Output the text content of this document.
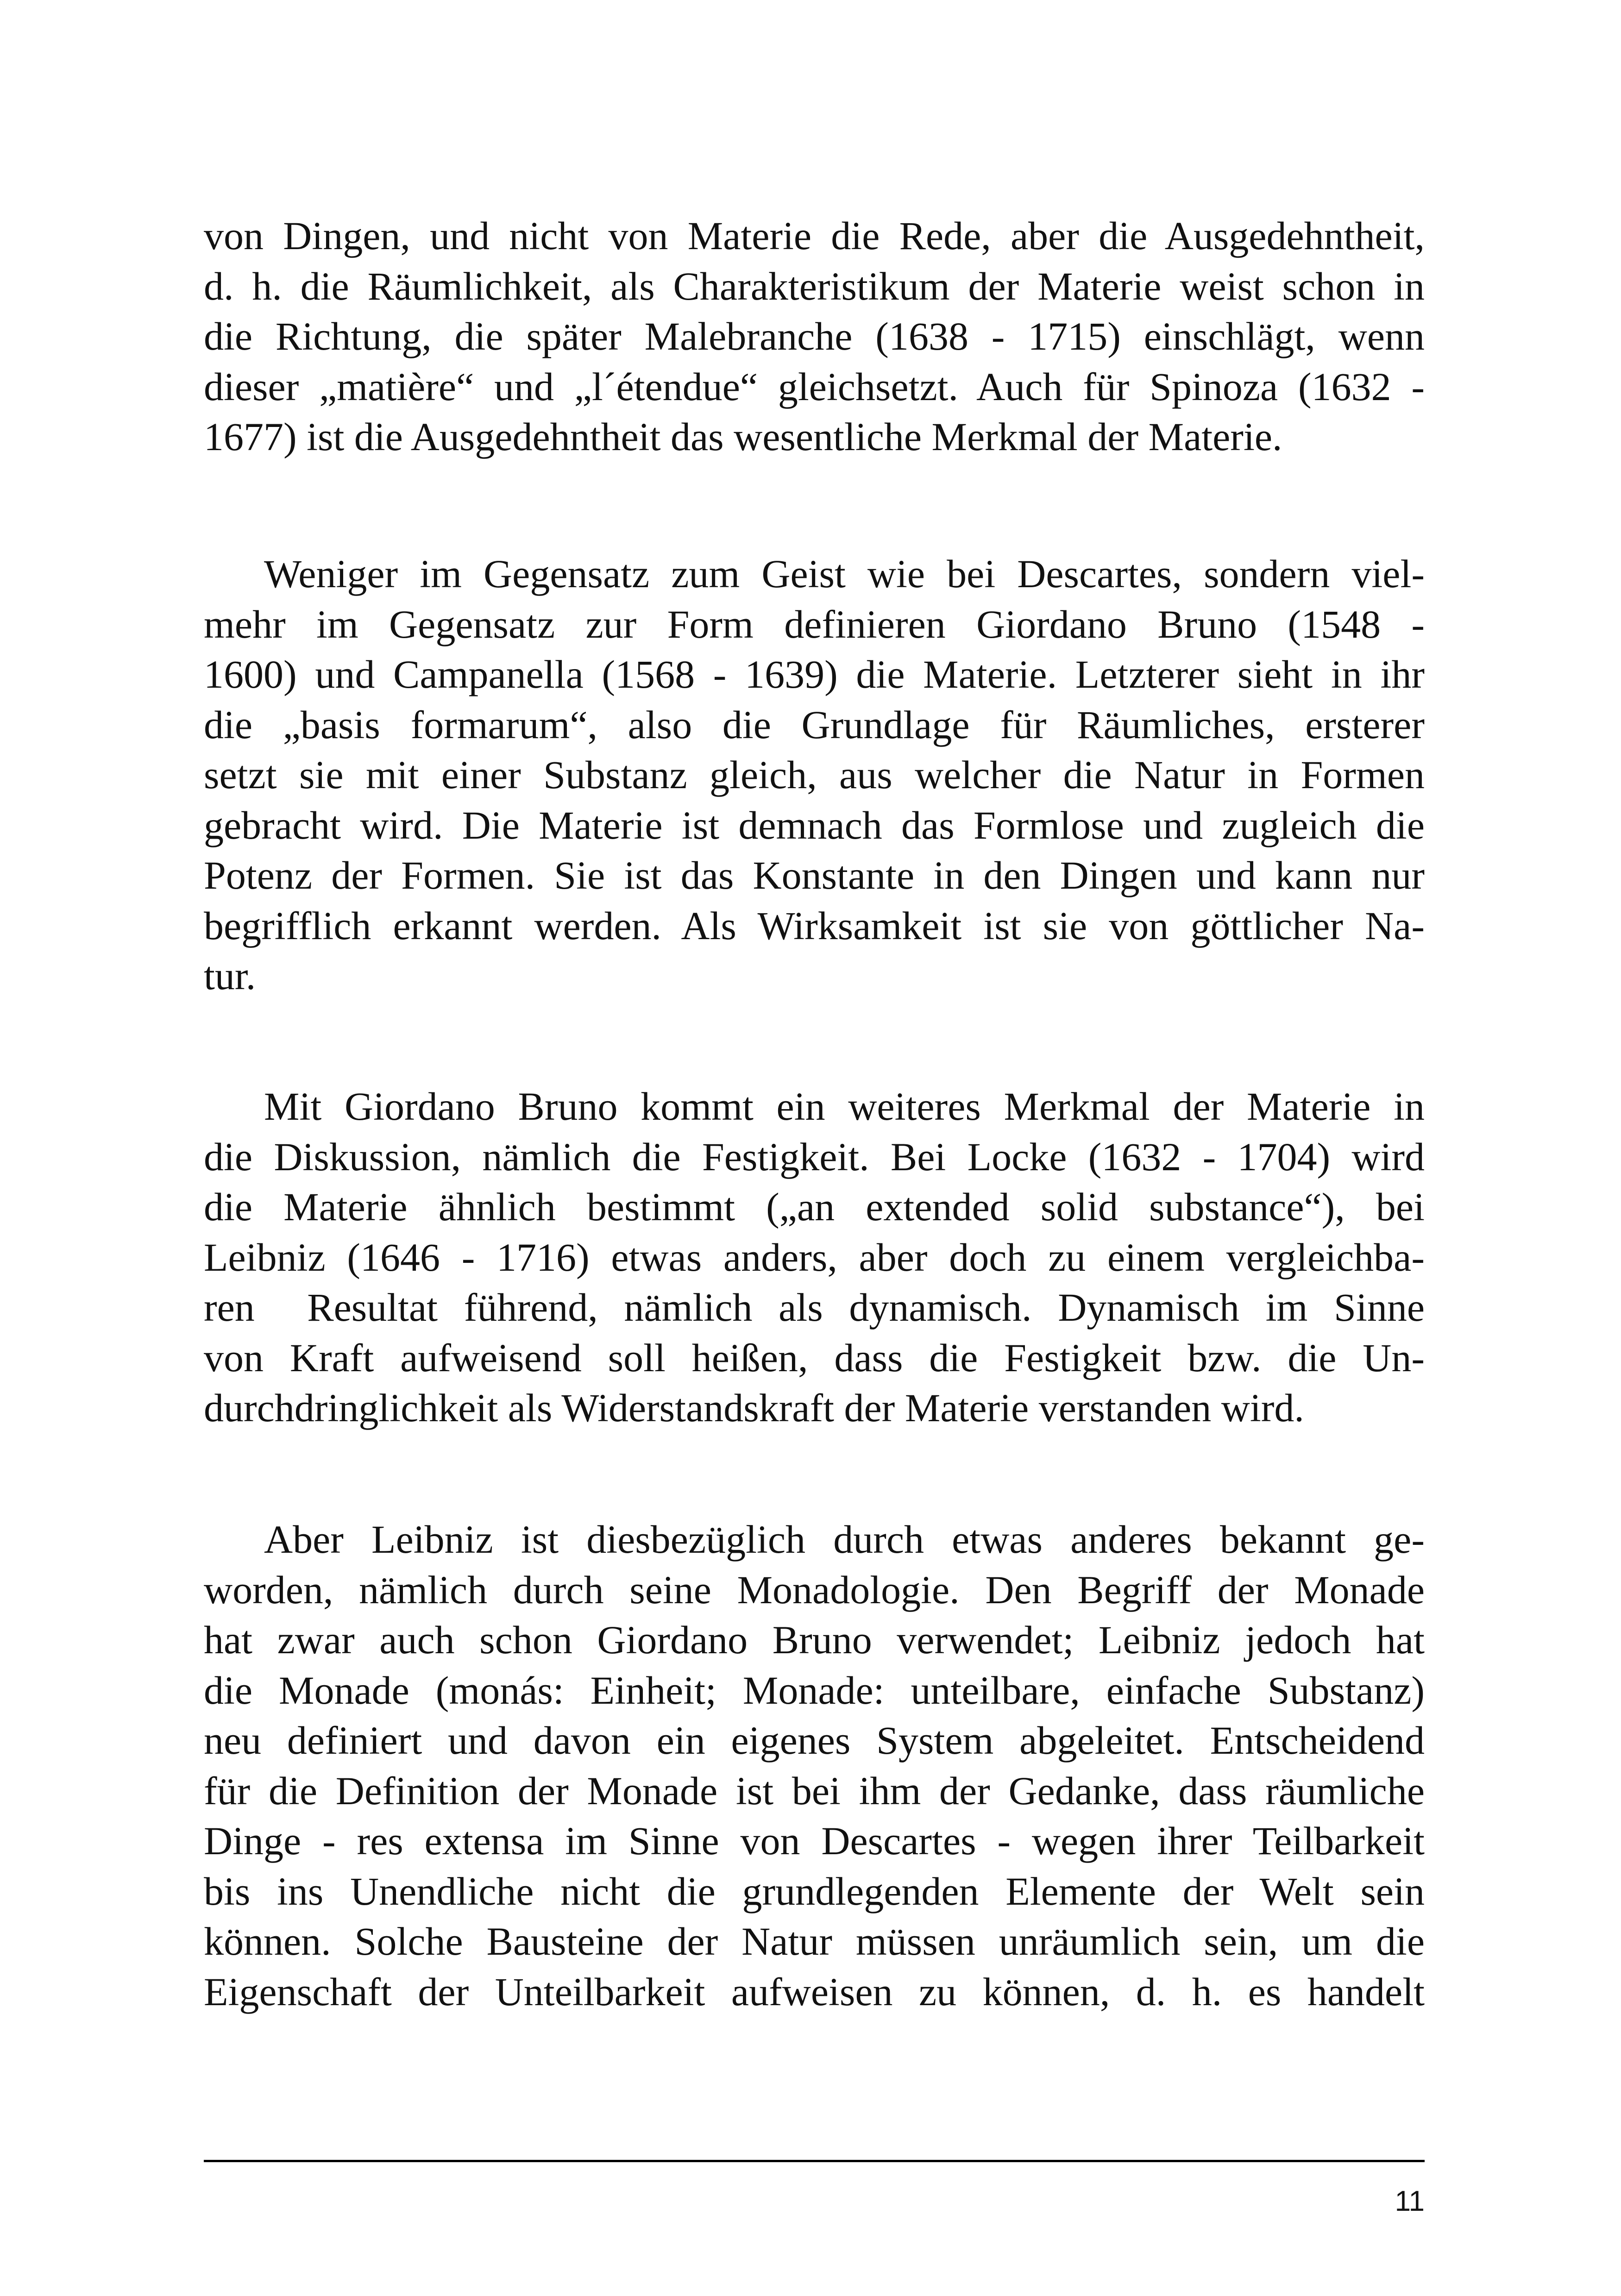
von Dingen, und nicht von Materie die Rede, aber die Ausgedehntheit,
d. h. die Räumlichkeit, als Charakteristikum der Materie weist schon in
die Richtung, die später Malebranche (1638 - 1715) einschlägt, wenn
dieser „matière“ und „l´étendue“ gleichsetzt. Auch für Spinoza (1632 -
1677) ist die Ausgedehntheit das wesentliche Merkmal der Materie.
Weniger im Gegensatz zum Geist wie bei Descartes, sondern viel-
mehr im Gegensatz zur Form definieren Giordano Bruno (1548 -
1600) und Campanella (1568 - 1639) die Materie. Letzterer sieht in ihr
die „basis formarum“, also die Grundlage für Räumliches, ersterer
setzt sie mit einer Substanz gleich, aus welcher die Natur in Formen
gebracht wird. Die Materie ist demnach das Formlose und zugleich die
Potenz der Formen. Sie ist das Konstante in den Dingen und kann nur
begrifflich erkannt werden. Als Wirksamkeit ist sie von göttlicher Na-
tur.
Mit Giordano Bruno kommt ein weiteres Merkmal der Materie in
die Diskussion, nämlich die Festigkeit. Bei Locke (1632 - 1704) wird
die Materie ähnlich bestimmt („an extended solid substance“), bei
Leibniz (1646 - 1716) etwas anders, aber doch zu einem vergleichba-
ren  Resultat führend, nämlich als dynamisch. Dynamisch im Sinne
von Kraft aufweisend soll heißen, dass die Festigkeit bzw. die Un-
durchdringlichkeit als Widerstandskraft der Materie verstanden wird.
Aber Leibniz ist diesbezüglich durch etwas anderes bekannt ge-
worden, nämlich durch seine Monadologie. Den Begriff der Monade
hat zwar auch schon Giordano Bruno verwendet; Leibniz jedoch hat
die Monade (monás: Einheit; Monade: unteilbare, einfache Substanz)
neu definiert und davon ein eigenes System abgeleitet. Entscheidend
für die Definition der Monade ist bei ihm der Gedanke, dass räumliche
Dinge - res extensa im Sinne von Descartes - wegen ihrer Teilbarkeit
bis ins Unendliche nicht die grundlegenden Elemente der Welt sein
können. Solche Bausteine der Natur müssen unräumlich sein, um die
Eigenschaft der Unteilbarkeit aufweisen zu können, d. h. es handelt
11
